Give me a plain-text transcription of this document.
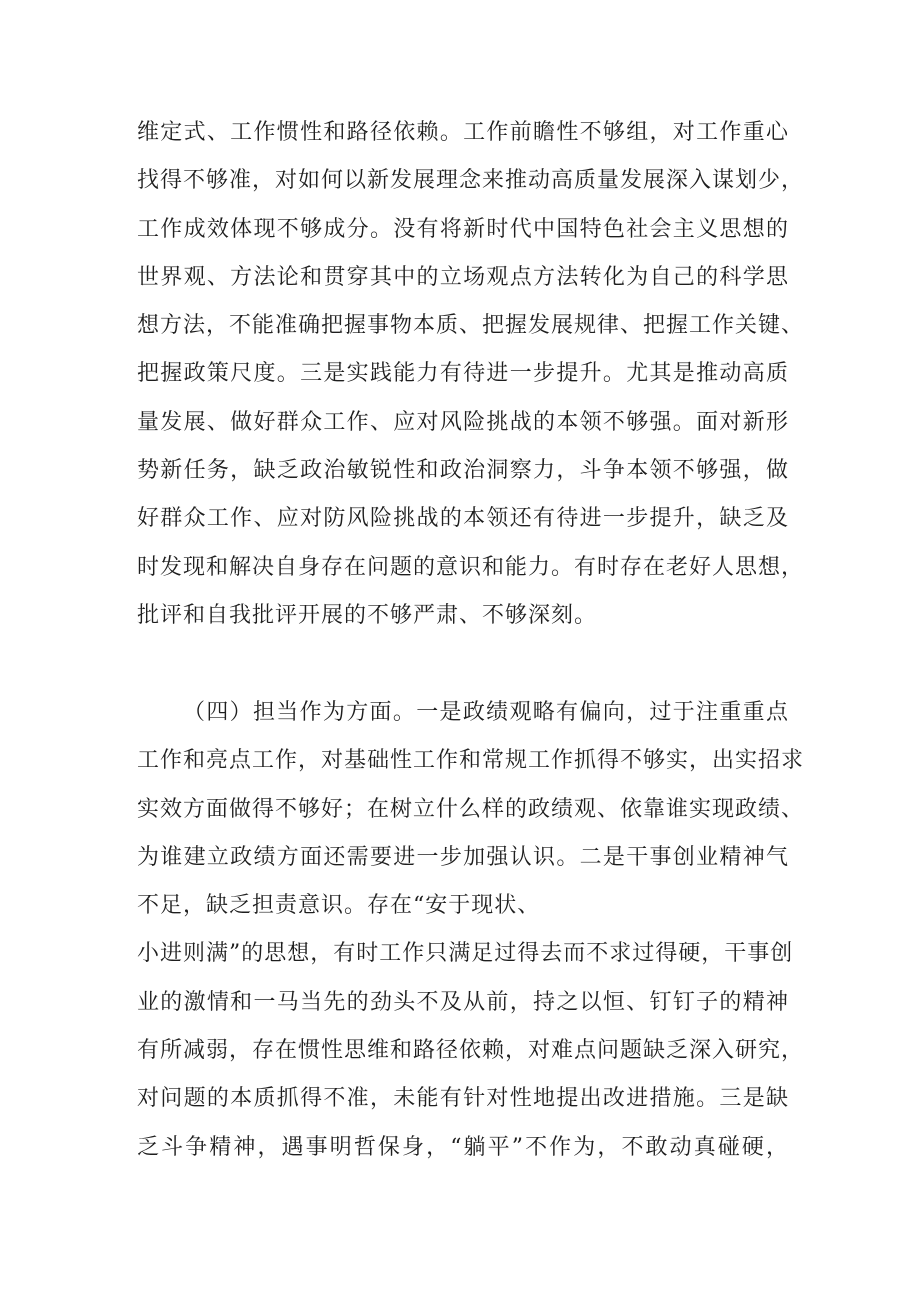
维定式、工作惯性和路径依赖。工作前瞻性不够组，对工作重心
找得不够准，对如何以新发展理念来推动高质量发展深入谋划少，
工作成效体现不够成分。没有将新时代中国特色社会主义思想的
世界观、方法论和贯穿其中的立场观点方法转化为自己的科学思
想方法，不能准确把握事物本质、把握发展规律、把握工作关键、
把握政策尺度。三是实践能力有待进一步提升。尤其是推动高质
量发展、做好群众工作、应对风险挑战的本领不够强。面对新形
势新任务，缺乏政治敏锐性和政治洞察力，斗争本领不够强，做
好群众工作、应对防风险挑战的本领还有待进一步提升，缺乏及
时发现和解决自身存在问题的意识和能力。有时存在老好人思想，
批评和自我批评开展的不够严肃、不够深刻。
（四）担当作为方面。一是政绩观略有偏向，过于注重重点
工作和亮点工作，对基础性工作和常规工作抓得不够实，出实招求
实效方面做得不够好；在树立什么样的政绩观、依靠谁实现政绩、
为谁建立政绩方面还需要进一步加强认识。二是干事创业精神气
不足，缺乏担责意识。存在“安于现状、
小进则满”的思想，有时工作只满足过得去而不求过得硬，干事创
业的激情和一马当先的劲头不及从前，持之以恒、钉钉子的精神
有所减弱，存在惯性思维和路径依赖，对难点问题缺乏深入研究，
对问题的本质抓得不准，未能有针对性地提出改进措施。三是缺
乏斗争精神，遇事明哲保身，“躺平”不作为，不敢动真碰硬，
